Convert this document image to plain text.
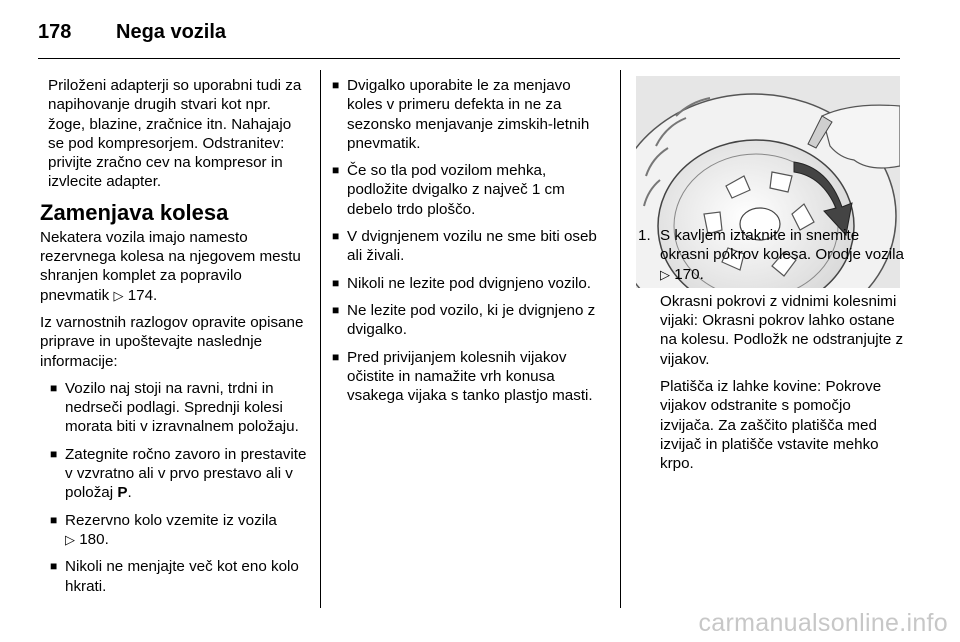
178	Nega vozila

Priloženi adapterji so uporabni tudi za napihovanje drugih stvari kot npr. žoge, blazine, zračnice itn. Nahajajo se pod kompresorjem. Odstranitev: privijte zračno cev na kompresor in izvlecite adapter.

Zamenjava kolesa

Nekatera vozila imajo namesto rezervnega kolesa na njegovem mestu shranjen komplet za popravilo pnevmatik ▷ 174.

Iz varnostnih razlogov opravite opisane priprave in upoštevajte naslednje informacije:

■ Vozilo naj stoji na ravni, trdni in nedrseči podlagi. Sprednji kolesi morata biti v izravnalnem položaju.
■ Zategnite ročno zavoro in prestavite v vzvratno ali v prvo prestavo ali v položaj P.
■ Rezervno kolo vzemite iz vozila
▷ 180.
■ Nikoli ne menjajte več kot eno kolo hkrati.
■ Dvigalko uporabite le za menjavo koles v primeru defekta in ne za sezonsko menjavanje zimskih-letnih pnevmatik.
■ Če so tla pod vozilom mehka, podložite dvigalko z največ 1 cm debelo trdo ploščo.
■ V dvignjenem vozilu ne sme biti oseb ali živali.
■ Nikoli ne lezite pod dvignjeno vozilo.
■ Ne lezite pod vozilo, ki je dvignjeno z dvigalko.
■ Pred privijanjem kolesnih vijakov očistite in namažite vrh konusa vsakega vijaka s tanko plastjo masti.
1. S kavljem iztaknite in snemite okrasni pokrov kolesa. Orodje vozila ▷ 170.

Okrasni pokrovi z vidnimi kolesnimi vijaki: Okrasni pokrov lahko ostane na kolesu. Podložk ne odstranjujte z vijakov.

Platišča iz lahke kovine: Pokrove vijakov odstranite s pomočjo izvijača. Za zaščito platišča med izvijač in platišče vstavite mehko krpo.

carmanualsonline.info
